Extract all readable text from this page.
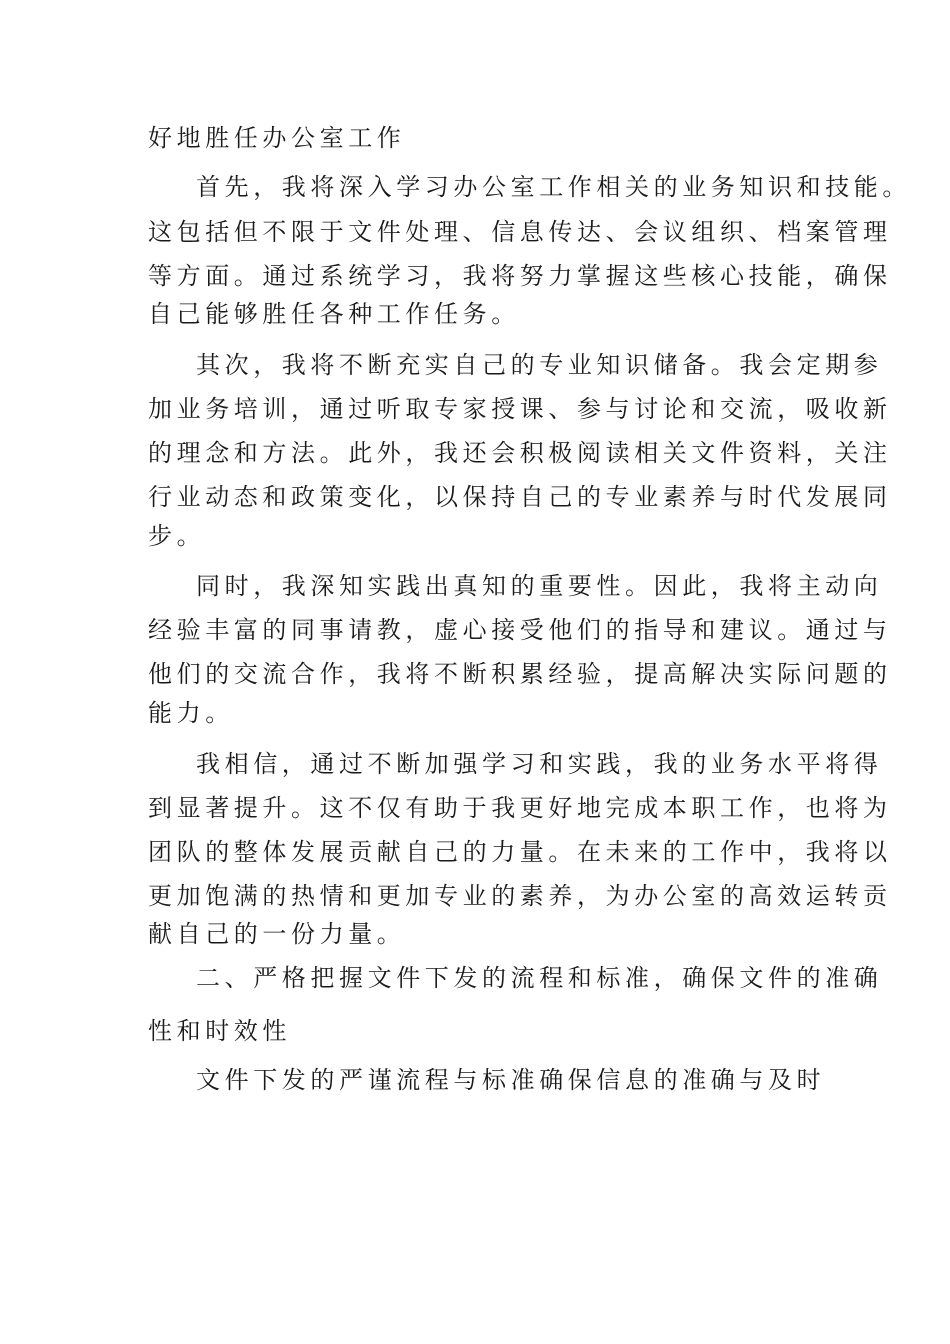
好地胜任办公室工作
首先，我将深入学习办公室工作相关的业务知识和技能。
这包括但不限于文件处理、信息传达、会议组织、档案管理
等方面。通过系统学习，我将努力掌握这些核心技能，确保
自己能够胜任各种工作任务。
其次，我将不断充实自己的专业知识储备。我会定期参
加业务培训，通过听取专家授课、参与讨论和交流，吸收新
的理念和方法。此外，我还会积极阅读相关文件资料，关注
行业动态和政策变化，以保持自己的专业素养与时代发展同
步。
同时，我深知实践出真知的重要性。因此，我将主动向
经验丰富的同事请教，虚心接受他们的指导和建议。通过与
他们的交流合作，我将不断积累经验，提高解决实际问题的
能力。
我相信，通过不断加强学习和实践，我的业务水平将得
到显著提升。这不仅有助于我更好地完成本职工作，也将为
团队的整体发展贡献自己的力量。在未来的工作中，我将以
更加饱满的热情和更加专业的素养，为办公室的高效运转贡
献自己的一份力量。
二、严格把握文件下发的流程和标准，确保文件的准确
性和时效性
文件下发的严谨流程与标准确保信息的准确与及时
